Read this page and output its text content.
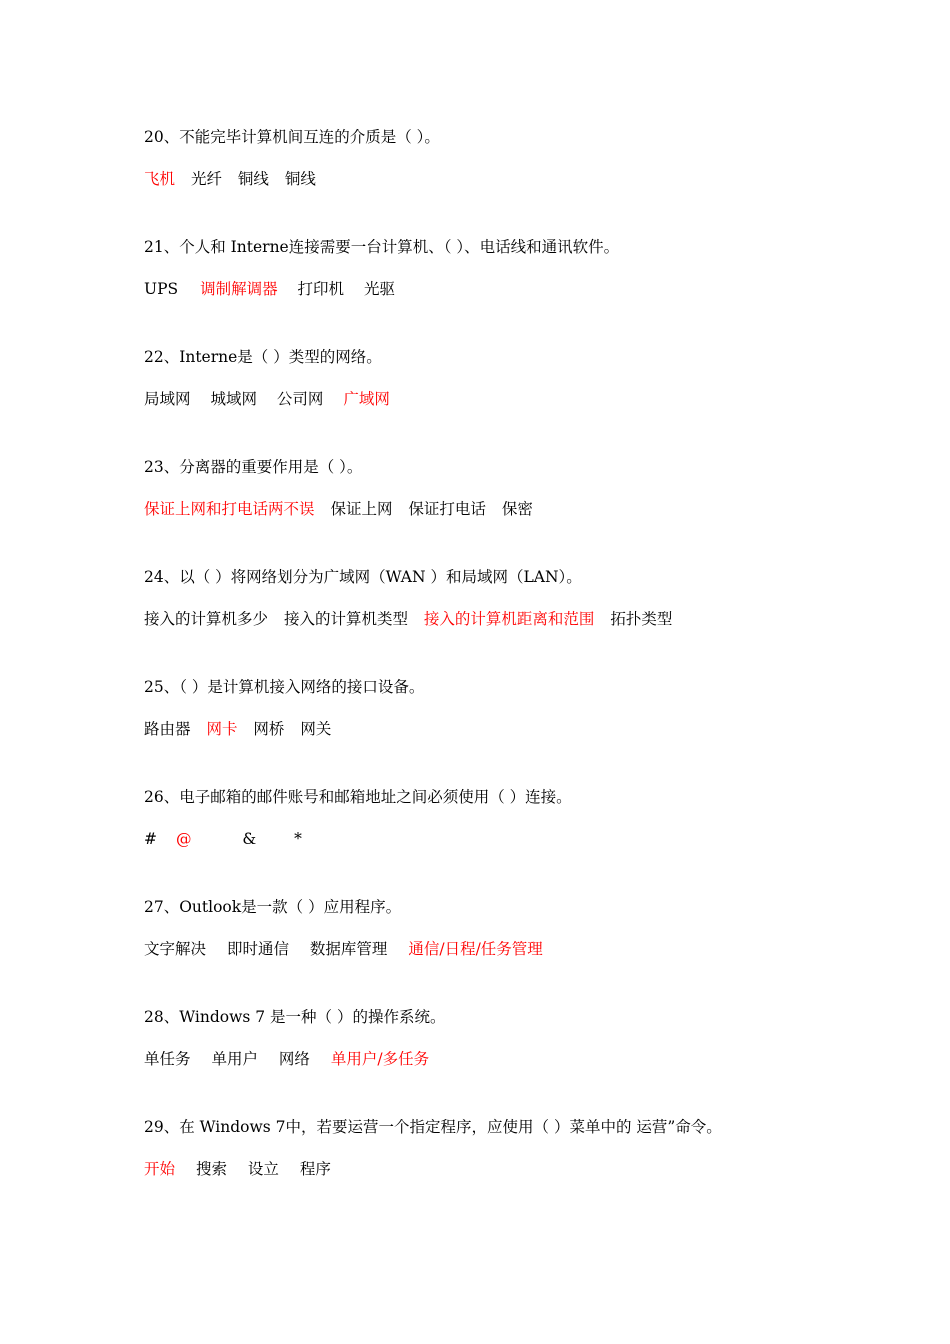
20、不能完毕计算机间互连的介质是（ ）。
飞机 光纤 铜线 铜线
21、个人和 Interne连接需要一台计算机、（ ）、电话线和通讯软件。
UPS 调制解调器 打印机 光驱
22、Interne是（ ）类型的网络。
局域网 城域网 公司网 广域网
23、分离器的重要作用是（ ）。
保证上网和打电话两不误 保证上网 保证打电话 保密
24、以（ ）将网络划分为广域网（WAN ）和局域网（LAN）。
接入的计算机多少 接入的计算机类型 接入的计算机距离和范围 拓扑类型
25、（ ）是计算机接入网络的接口设备。
路由器 网卡 网桥 网关
26、电子邮箱的邮件账号和邮箱地址之间必须使用（ ）连接。
# @	& *
27、Outlook是一款（ ）应用程序。
文字解决 即时通信 数据库管理 通信/日程/任务管理
28、Windows 7 是一种（ ）的操作系统。
单任务 单用户 网络 单用户/多任务
29、在 Windows 7中，若要运营一个指定程序，应使用（ ）菜单中的 运营”命令。
开始 搜索 设立 程序
